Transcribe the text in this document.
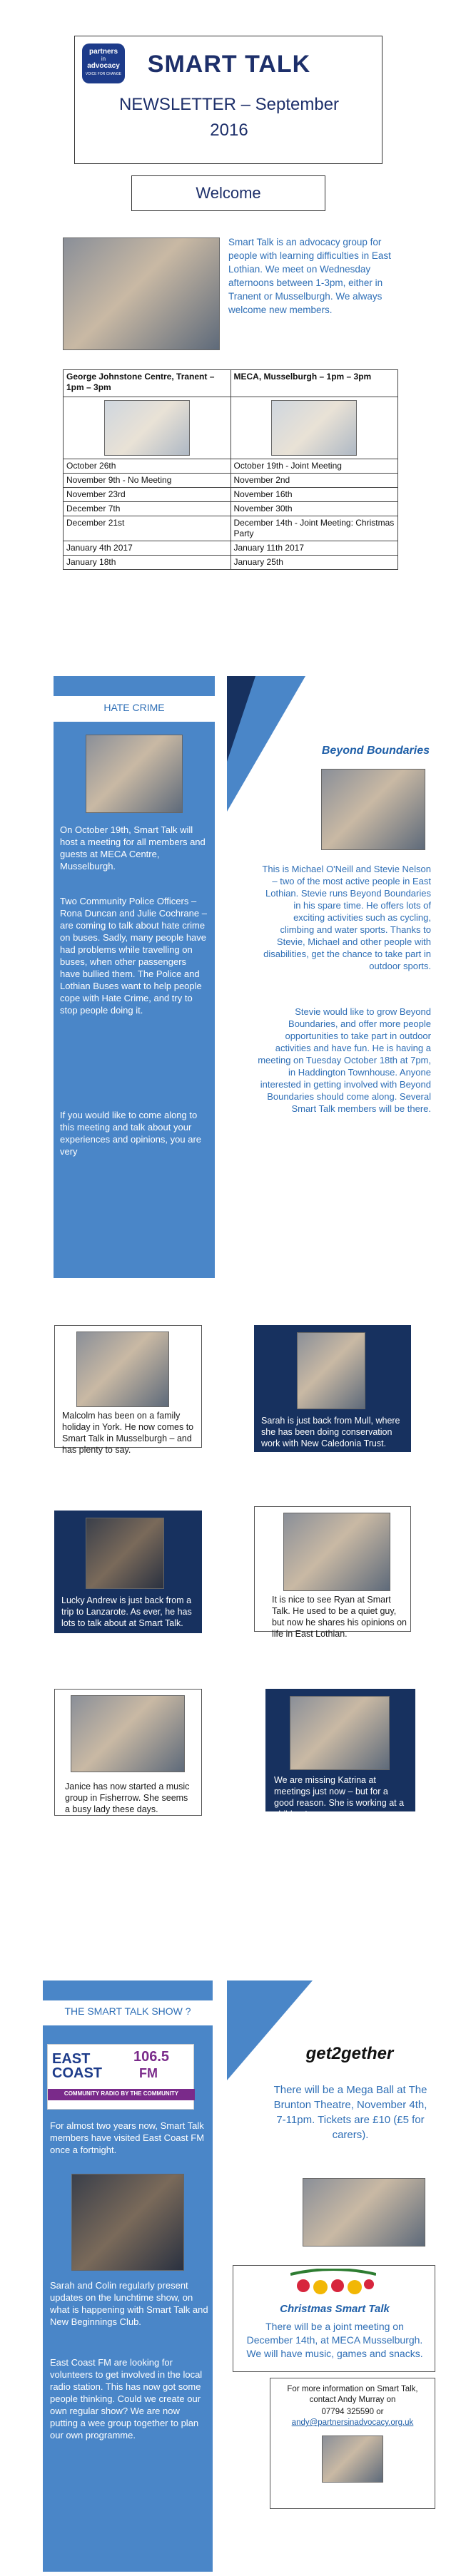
partners
in
advocacy
VOICE FOR CHANGE	SMART TALK
NEWSLETTER – September
2016
Welcome
Smart Talk is an advocacy group for people with learning difficulties in East Lothian. We meet on Wednesday afternoons between 1-3pm, either in Tranent or Musselburgh. We always welcome new members.
George Johnstone Centre, Tranent – 1pm – 3pm	MECA, Musselburgh – 1pm – 3pm

October 26th	October 19th - Joint Meeting
November 9th - No Meeting	November 2nd
November 23rd	November 16th
December 7th	November 30th
December 21st	December 14th - Joint Meeting: Christmas Party
January 4th 2017	January 11th 2017
January 18th	January 25th
HATE CRIME
On October 19th, Smart Talk will host a meeting for all members and guests at MECA Centre, Musselburgh.
Two Community Police Officers – Rona Duncan and Julie Cochrane – are coming to talk about hate crime on buses. Sadly, many people have had problems while travelling on buses, when other passengers have bullied them. The Police and Lothian Buses want to help people cope with Hate Crime, and try to stop people doing it.
If you would like to come along to this meeting and talk about your experiences and opinions, you are very
Beyond Boundaries
This is Michael O'Neill and Stevie Nelson – two of the most active people in East Lothian. Stevie runs Beyond Boundaries in his spare time. He offers lots of exciting activities such as cycling, climbing and water sports. Thanks to Stevie, Michael and other people with disabilities, get the chance to take part in outdoor sports.
Stevie would like to grow Beyond Boundaries, and offer more people opportunities to take part in outdoor activities and have fun. He is having a meeting on Tuesday October 18th at 7pm, in Haddington Townhouse. Anyone interested in getting involved with Beyond Boundaries should come along. Several Smart Talk members will be there.
Malcolm has been on a family holiday in York. He now comes to Smart Talk in Musselburgh – and has plenty to say.
Sarah is just back from Mull, where she has been doing conservation work with New Caledonia Trust.
Lucky Andrew is just back from a trip to Lanzarote. As ever, he has lots to talk about at Smart Talk.
It is nice to see Ryan at Smart Talk. He used to be a quiet guy, but now he shares his opinions on life in East Lothian.
Janice has now started a music group in Fisherrow. She seems a busy lady these days.
We are missing Katrina at meetings just now – but for a good reason. She is working at a children's nursery.
THE SMART TALK SHOW ?
EAST COAST
106.5
FM
COMMUNITY RADIO BY THE COMMUNITY
For almost two years now, Smart Talk members have visited East Coast FM once a fortnight.
Sarah and Colin regularly present updates on the lunchtime show, on what is happening with Smart Talk and New Beginnings Club.
East Coast FM are looking for volunteers to get involved in the local radio station. This has now got some people thinking. Could we create our own regular show? We are now putting a wee group together to plan our own programme.
get2gether
There will be a Mega Ball at The Brunton Theatre, November 4th, 7-11pm. Tickets are £10 (£5 for carers).
Christmas Smart Talk
There will be a joint meeting on December 14th, at MECA Musselburgh. We will have music, games and snacks.
For more information on Smart Talk, contact Andy Murray on
07794 325590 or
andy@partnersinadvocacy.org.uk
